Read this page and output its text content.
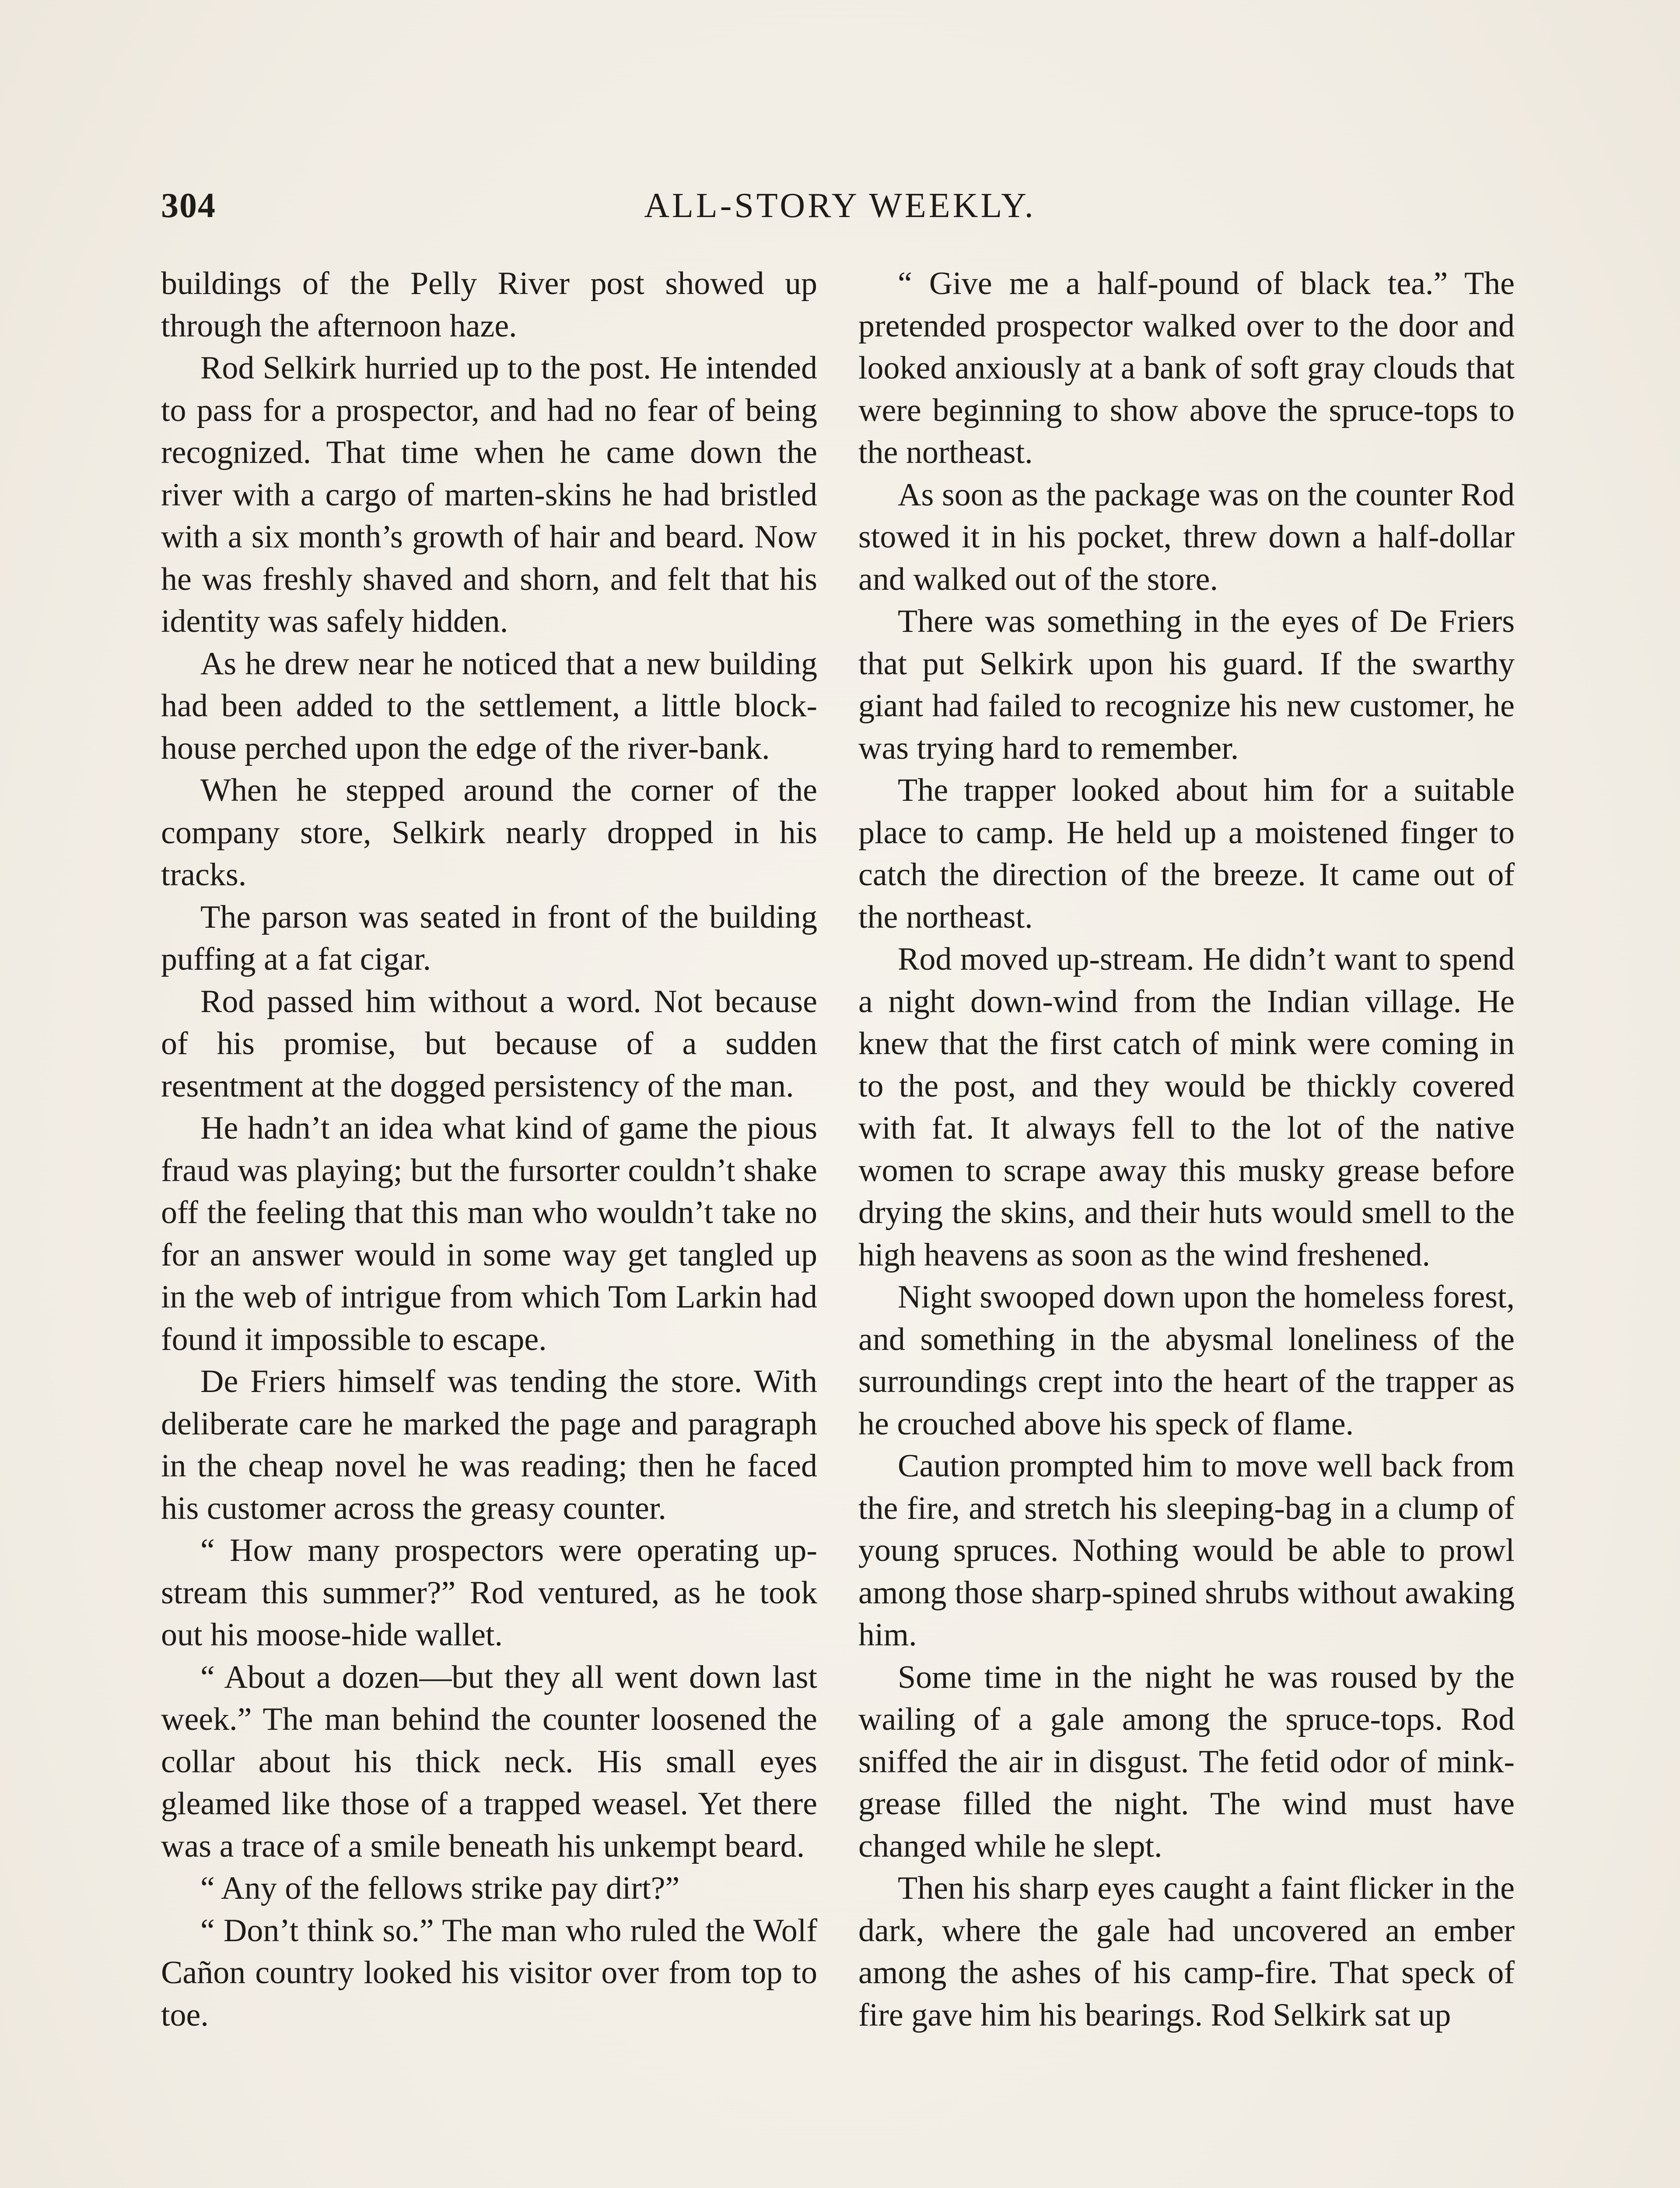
304	ALL-STORY WEEKLY.

buildings of the Pelly River post showed up through the afternoon haze.

Rod Selkirk hurried up to the post. He intended to pass for a prospector, and had no fear of being recognized. That time when he came down the river with a cargo of marten-skins he had bristled with a six month’s growth of hair and beard. Now he was freshly shaved and shorn, and felt that his identity was safely hidden.

As he drew near he noticed that a new building had been added to the settlement, a little block-house perched upon the edge of the river-bank.

When he stepped around the corner of the company store, Selkirk nearly dropped in his tracks.

The parson was seated in front of the building puffing at a fat cigar.

Rod passed him without a word. Not because of his promise, but because of a sudden resentment at the dogged persistency of the man.

He hadn’t an idea what kind of game the pious fraud was playing; but the fursorter couldn’t shake off the feeling that this man who wouldn’t take no for an answer would in some way get tangled up in the web of intrigue from which Tom Larkin had found it impossible to escape.

De Friers himself was tending the store. With deliberate care he marked the page and paragraph in the cheap novel he was reading; then he faced his customer across the greasy counter.

“ How many prospectors were operating up-stream this summer?” Rod ventured, as he took out his moose-hide wallet.

“ About a dozen—but they all went down last week.” The man behind the counter loosened the collar about his thick neck. His small eyes gleamed like those of a trapped weasel. Yet there was a trace of a smile beneath his unkempt beard.

“ Any of the fellows strike pay dirt?”

“ Don’t think so.” The man who ruled the Wolf Cañon country looked his visitor over from top to toe.

“ Give me a half-pound of black tea.” The pretended prospector walked over to the door and looked anxiously at a bank of soft gray clouds that were beginning to show above the spruce-tops to the northeast.

As soon as the package was on the counter Rod stowed it in his pocket, threw down a half-dollar and walked out of the store.

There was something in the eyes of De Friers that put Selkirk upon his guard. If the swarthy giant had failed to recognize his new customer, he was trying hard to remember.

The trapper looked about him for a suitable place to camp. He held up a moistened finger to catch the direction of the breeze. It came out of the northeast.

Rod moved up-stream. He didn’t want to spend a night down-wind from the Indian village. He knew that the first catch of mink were coming in to the post, and they would be thickly covered with fat. It always fell to the lot of the native women to scrape away this musky grease before drying the skins, and their huts would smell to the high heavens as soon as the wind freshened.

Night swooped down upon the homeless forest, and something in the abysmal loneliness of the surroundings crept into the heart of the trapper as he crouched above his speck of flame.

Caution prompted him to move well back from the fire, and stretch his sleeping-bag in a clump of young spruces. Nothing would be able to prowl among those sharp-spined shrubs without awaking him.

Some time in the night he was roused by the wailing of a gale among the spruce-tops. Rod sniffed the air in disgust. The fetid odor of mink-grease filled the night. The wind must have changed while he slept.

Then his sharp eyes caught a faint flicker in the dark, where the gale had uncovered an ember among the ashes of his camp-fire. That speck of fire gave him his bearings. Rod Selkirk sat up
